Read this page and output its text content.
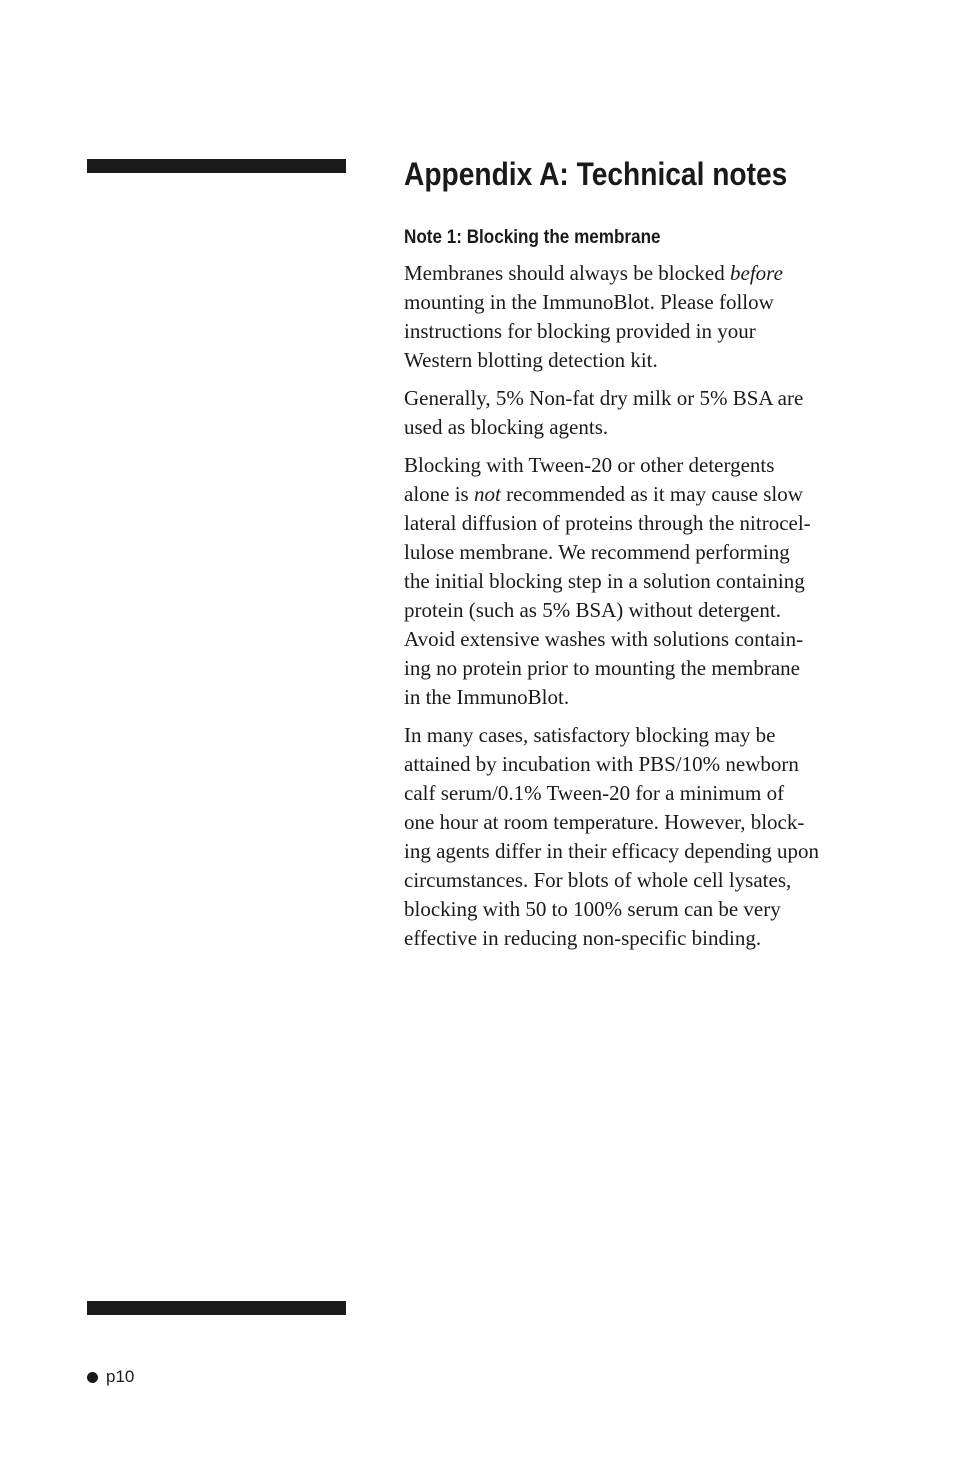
Appendix A: Technical notes
Note 1: Blocking the membrane

Membranes should always be blocked before
mounting in the ImmunoBlot. Please follow
instructions for blocking provided in your
Western blotting detection kit.

Generally, 5% Non-fat dry milk or 5% BSA are
used as blocking agents.

Blocking with Tween-20 or other detergents
alone is not recommended as it may cause slow
lateral diffusion of proteins through the nitrocel-
lulose membrane. We recommend performing
the initial blocking step in a solution containing
protein (such as 5% BSA) without detergent.
Avoid extensive washes with solutions contain-
ing no protein prior to mounting the membrane
in the ImmunoBlot.

In many cases, satisfactory blocking may be
attained by incubation with PBS/10% newborn
calf serum/0.1% Tween-20 for a minimum of
one hour at room temperature. However, block-
ing agents differ in their efficacy depending upon
circumstances. For blots of whole cell lysates,
blocking with 50 to 100% serum can be very
effective in reducing non-specific binding.

p10
